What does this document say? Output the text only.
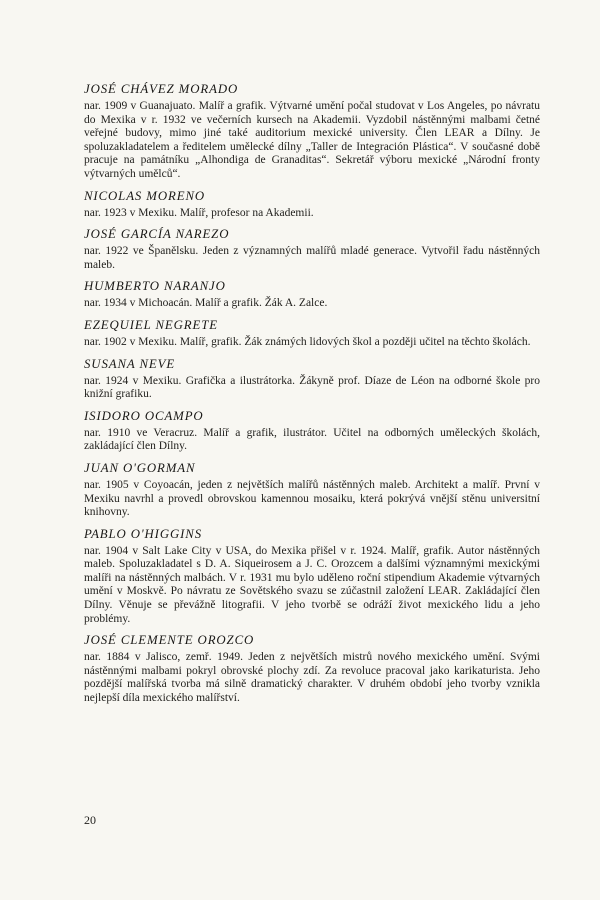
JOSÉ CHÁVEZ MORADO

nar. 1909 v Guanajuato. Malíř a grafik. Výtvarné umění počal studovat v Los Angeles, po návratu do Mexika v r. 1932 ve večerních kursech na Akademii. Vyzdobil nástěnnými malbami četné veřejné budovy, mimo jiné také auditorium mexické university. Člen LEAR a Dílny. Je spoluzakladatelem a ředitelem umělecké dílny „Taller de Integración Plástica“. V současné době pracuje na památníku „Alhondiga de Granaditas“. Sekretář výboru mexické „Národní fronty výtvarných umělců“.

NICOLAS MORENO

nar. 1923 v Mexiku. Malíř, profesor na Akademii.

JOSÉ GARCÍA NAREZO

nar. 1922 ve Španělsku. Jeden z významných malířů mladé generace. Vytvořil řadu nástěnných maleb.

HUMBERTO NARANJO

nar. 1934 v Michoacán. Malíř a grafik. Žák A. Zalce.

EZEQUIEL NEGRETE

nar. 1902 v Mexiku. Malíř, grafik. Žák známých lidových škol a později učitel na těchto školách.

SUSANA NEVE

nar. 1924 v Mexiku. Grafička a ilustrátorka. Žákyně prof. Díaze de Léon na odborné škole pro knižní grafiku.

ISIDORO OCAMPO

nar. 1910 ve Veracruz. Malíř a grafik, ilustrátor. Učitel na odborných uměleckých školách, zakládající člen Dílny.

JUAN O'GORMAN

nar. 1905 v Coyoacán, jeden z největších malířů nástěnných maleb. Architekt a malíř. První v Mexiku navrhl a provedl obrovskou kamennou mosaiku, která pokrývá vnější stěnu universitní knihovny.

PABLO O'HIGGINS

nar. 1904 v Salt Lake City v USA, do Mexika přišel v r. 1924. Malíř, grafik. Autor nástěnných maleb. Spoluzakladatel s D. A. Siqueirosem a J. C. Orozcem a dalšími významnými mexickými malíři na nástěnných malbách. V r. 1931 mu bylo uděleno roční stipendium Akademie výtvarných umění v Moskvě. Po návratu ze Sovětského svazu se zúčastnil založení LEAR. Zakládající člen Dílny. Věnuje se převážně litografii. V jeho tvorbě se odráží život mexického lidu a jeho problémy.

JOSÉ CLEMENTE OROZCO

nar. 1884 v Jalisco, zemř. 1949. Jeden z největších mistrů nového mexického umění. Svými nástěnnými malbami pokryl obrovské plochy zdí. Za revoluce pracoval jako karikaturista. Jeho pozdější malířská tvorba má silně dramatický charakter. V druhém období jeho tvorby vznikla nejlepší díla mexického malířství.

20
